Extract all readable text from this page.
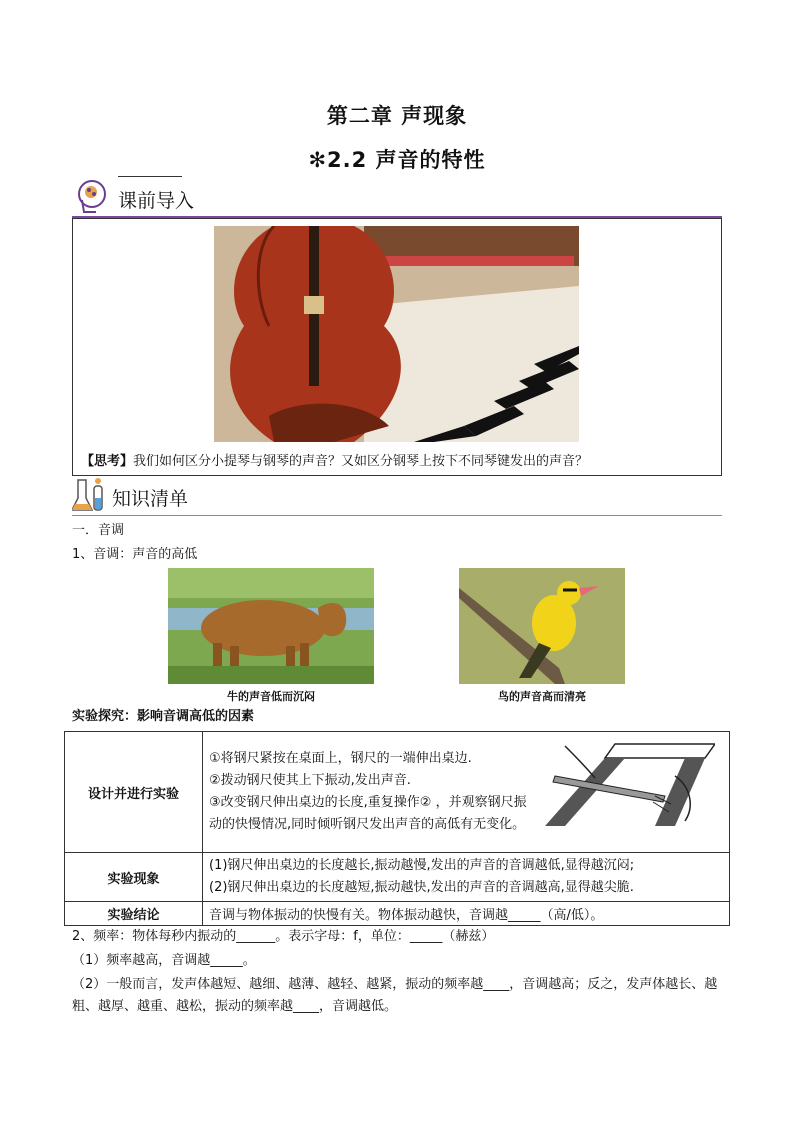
第二章 声现象
✻2.2 声音的特性
课前导入
【思考】我们如何区分小提琴与钢琴的声音？又如区分钢琴上按下不同琴键发出的声音？
知识清单
一．音调
1、音调：声音的高低
牛的声音低而沉闷	鸟的声音高而清亮
实验探究：影响音调高低的因素
设计并进行实验	①将钢尺紧按在桌面上，钢尺的一端伸出桌边.
②拨动钢尺使其上下振动,发出声音.
③改变钢尺伸出桌边的长度,重复操作② ，并观察钢尺振动的快慢情况,同时倾听钢尺发出声音的高低有无变化。

实验现象	(1)钢尺伸出桌边的长度越长,振动越慢,发出的声音的音调越低,显得越沉闷;
(2)钢尺伸出桌边的长度越短,振动越快,发出的声音的音调越高,显得越尖脆.

实验结论	音调与物体振动的快慢有关。物体振动越快，音调越_____（高/低）。
2、频率：物体每秒内振动的______。表示字母：f，单位：_____（赫兹）
（1）频率越高，音调越_____。
（2）一般而言，发声体越短、越细、越薄、越轻、越紧，振动的频率越____，音调越高；反之，发声体越长、越粗、越厚、越重、越松，振动的频率越____，音调越低。
